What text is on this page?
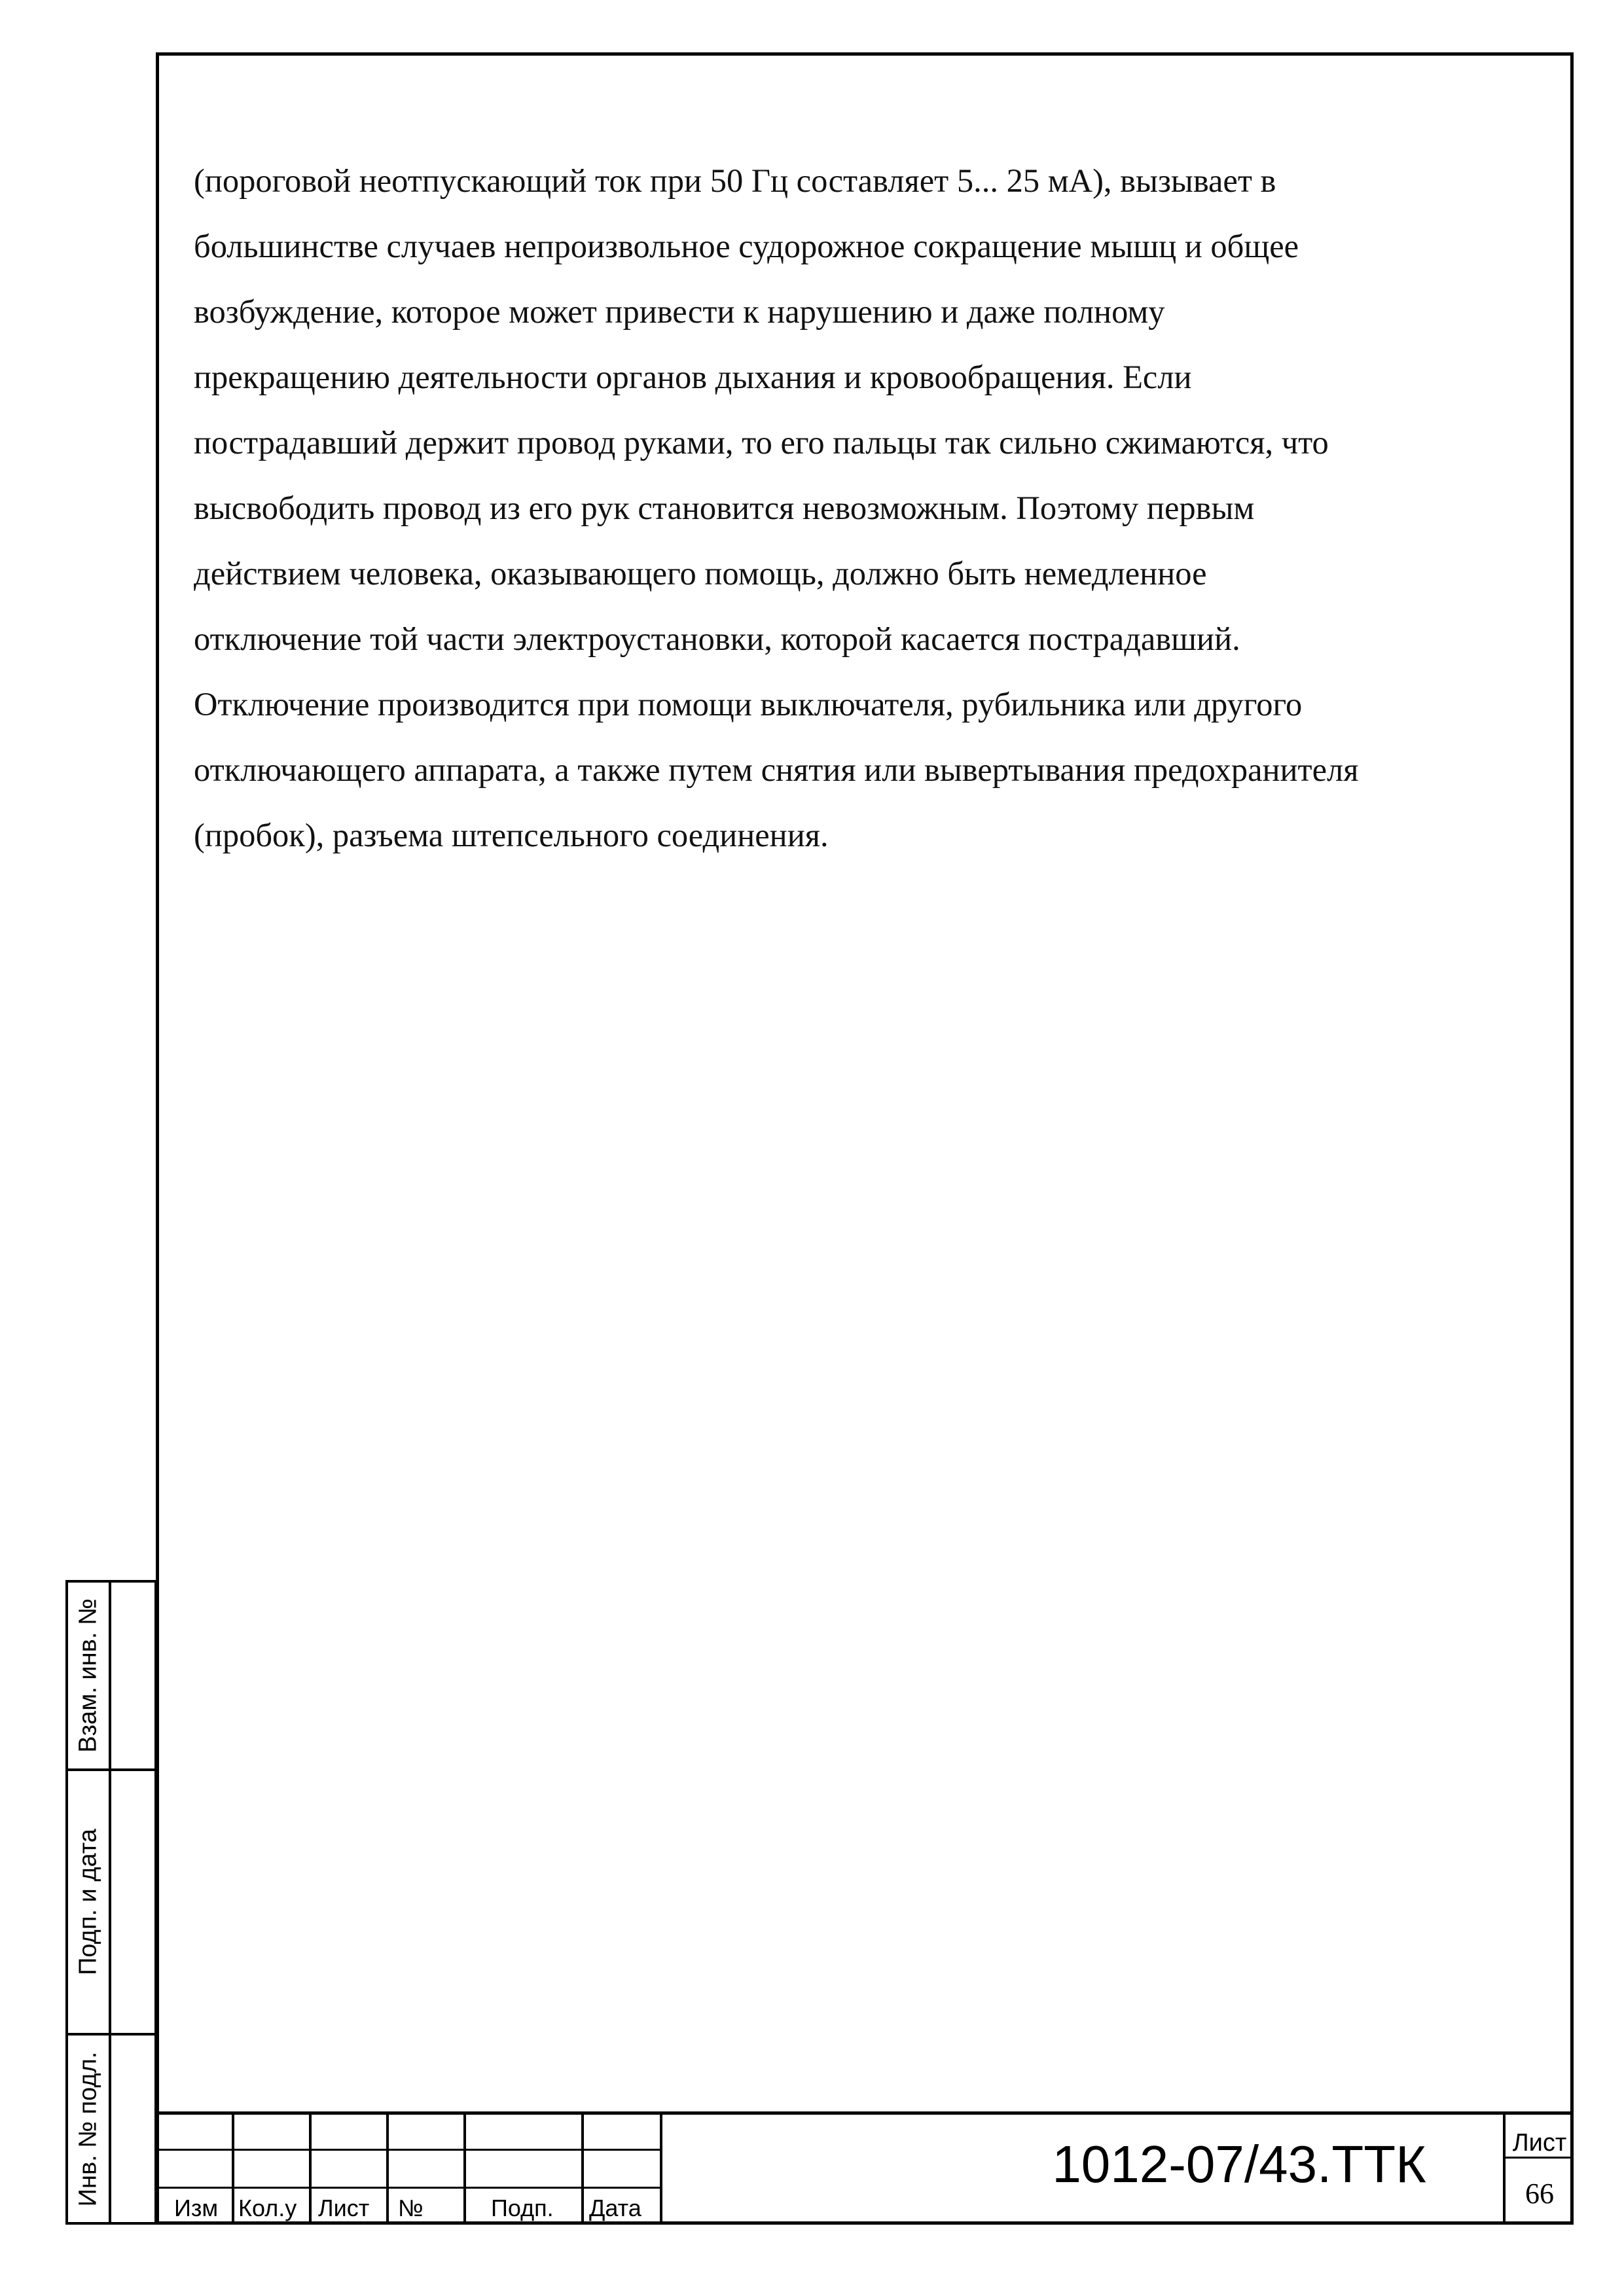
(пороговой неотпускающий ток при 50 Гц составляет 5... 25 мА), вызывает в
большинстве случаев непроизвольное судорожное сокращение мышц и общее
возбуждение, которое может привести к нарушению и даже полному
прекращению деятельности органов дыхания и кровообращения. Если
пострадавший держит провод руками, то его пальцы так сильно сжимаются, что
высвободить провод из его рук становится невозможным. Поэтому первым
действием человека, оказывающего помощь, должно быть немедленное
отключение той части электроустановки, которой касается пострадавший.
Отключение производится при помощи выключателя, рубильника или другого
отключающего аппарата, а также путем снятия или вывертывания предохранителя
(пробок), разъема штепсельного соединения.
Взам. инв. №
Подп. и дата
Инв. № подл.
Изм Кол.у Лист №	Подп. Дата
1012-07/43.ТТК	Лист
66
